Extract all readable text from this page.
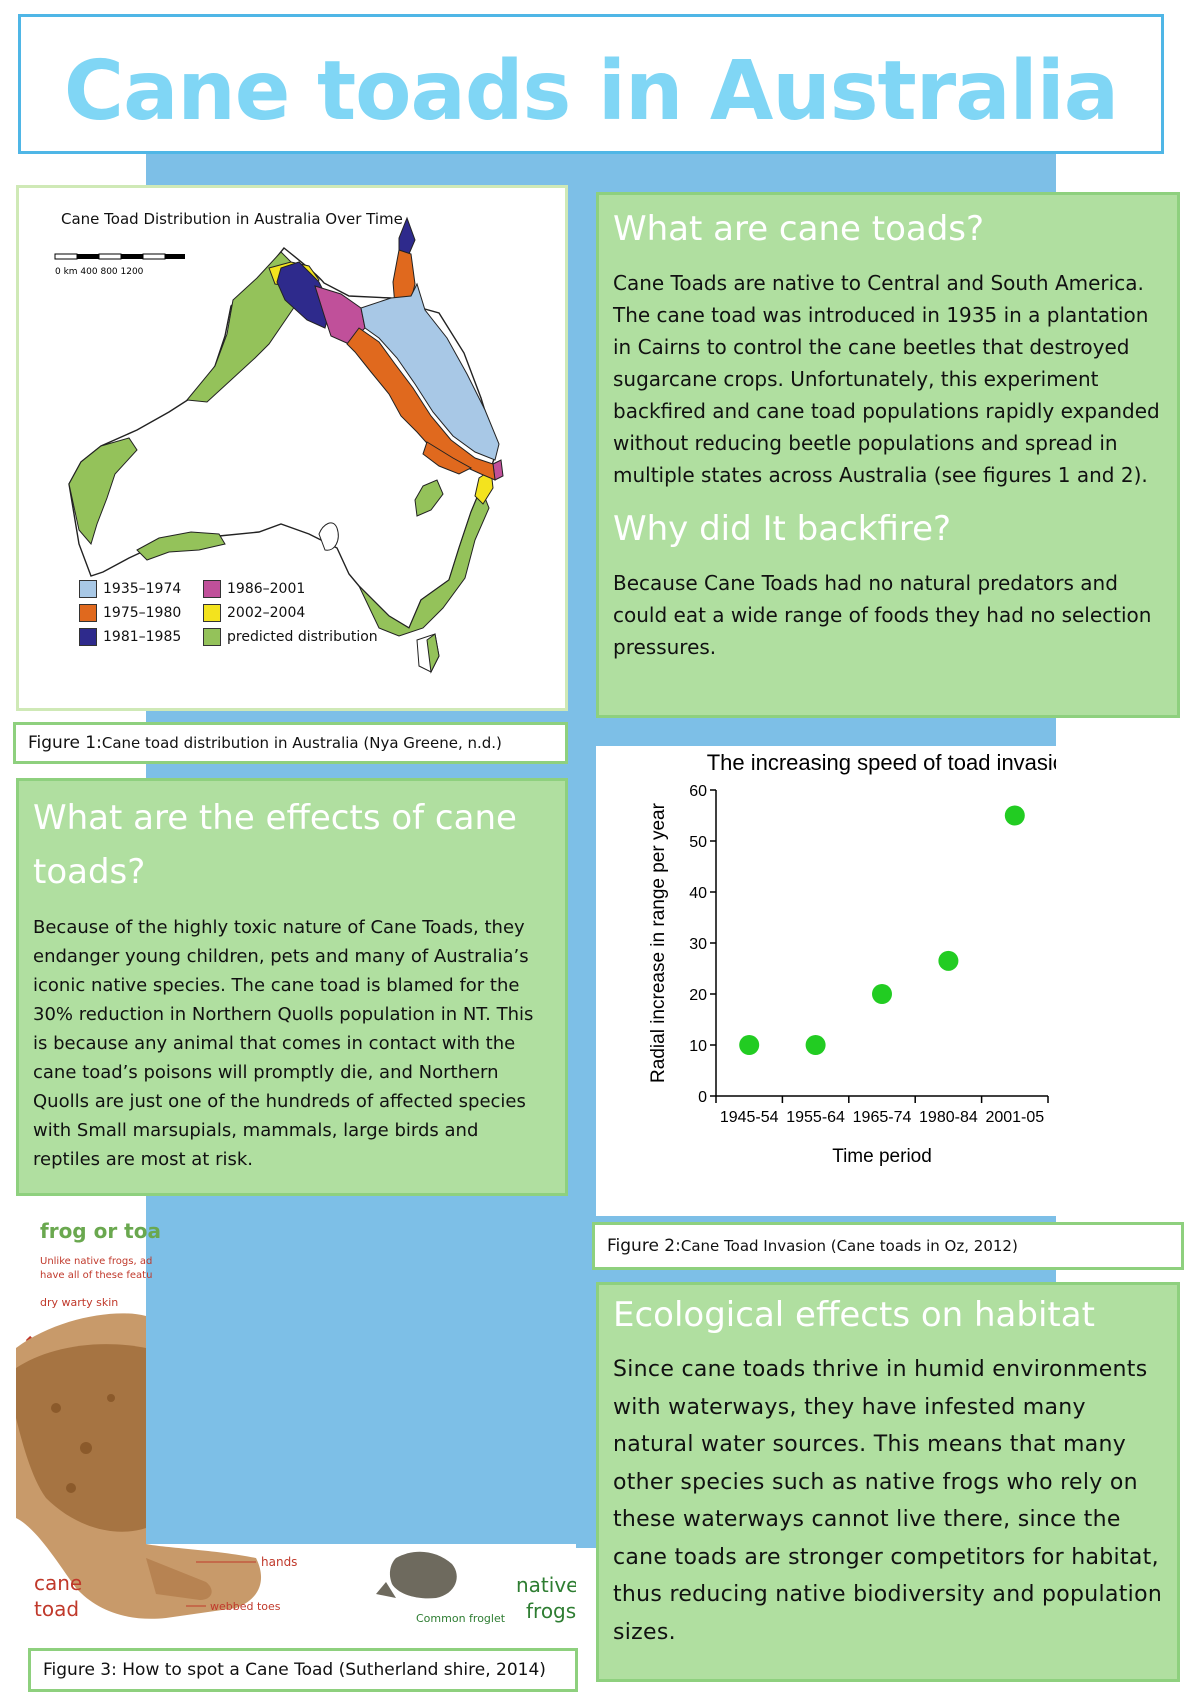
Cane toads in Australia
Cane Toad Distribution in Australia Over Time
0 km 400 800 1200
1935–1974
1975–1980
1981–1985
1986–2001
2002–2004
predicted distribution
What are cane toads?

Cane Toads are native to Central and South America. The cane toad was introduced in 1935 in a plantation in Cairns to control the cane beetles that destroyed sugarcane crops. Unfortunately, this experiment backfired and cane toad populations rapidly expanded without reducing beetle populations and spread in multiple states across Australia (see figures 1 and 2).

Why did It backfire?

Because Cane Toads had no natural predators and could eat a wide range of foods they had no selection pressures.

Figure 1: Cane toad distribution in Australia (Nya Greene, n.d.)
What are the effects of cane toads?

Because of the highly toxic nature of Cane Toads, they endanger young children, pets and many of Australia’s iconic native species. The cane toad is blamed for the 30% reduction in Northern Quolls population in NT. This is because any animal that comes in contact with the cane toad’s poisons will promptly die, and Northern Quolls are just one of the hundreds of affected species with Small marsupials, mammals, large birds and reptiles are most at risk.

The increasing speed of toad invasion
0
10
20
30
40
50
60
1945-54 1955-64 1965-74 1980-84 2001-05
Time period
Radial increase in range per year
Figure 2: Cane Toad Invasion (Cane toads in Oz, 2012)
Ecological effects on habitat

Since cane toads thrive in humid environments with waterways, they have infested many natural water sources. This means that many other species such as native frogs who rely on these waterways cannot live there, since the cane toads are stronger competitors for habitat, thus reducing native biodiversity and population sizes.

frog or toa
Unlike native frogs, ad
have all of these featu
dry warty skin
hands
webbed toes
cane
toad	Common froglet
native
frogs
Figure 3: How to spot a Cane Toad (Sutherland shire, 2014)
